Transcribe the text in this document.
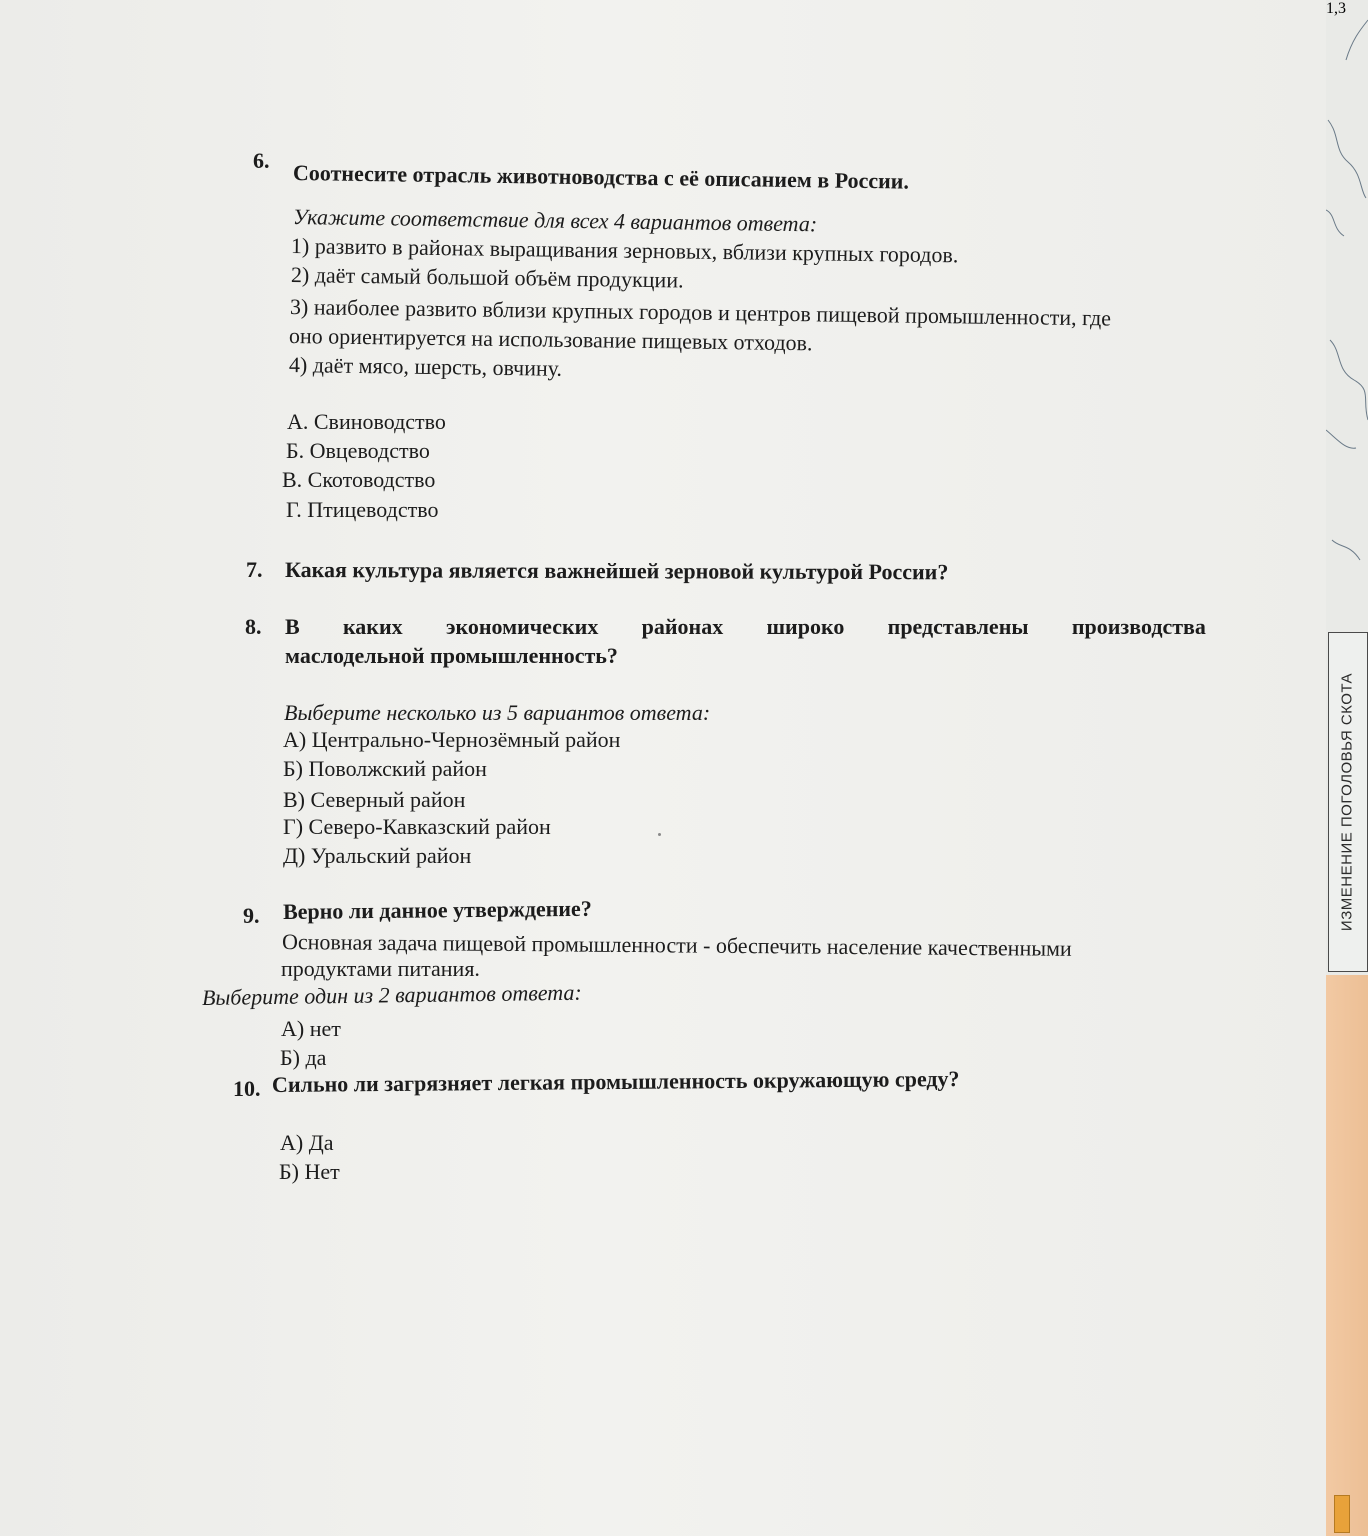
6. Соотнесите отрасль животноводства с её описанием в России.
Укажите соответствие для всех 4 вариантов ответа:
1) развито в районах выращивания зерновых, вблизи крупных городов.
2) даёт самый большой объём продукции.
3) наиболее развито вблизи крупных городов и центров пищевой промышленности, где
оно ориентируется на использование пищевых отходов.
4) даёт мясо, шерсть, овчину.
А. Свиноводство
Б. Овцеводство
В. Скотоводство
Г. Птицеводство
7. Какая культура является важнейшей зерновой культурой России?
8. В каких экономических районах широко представлены производства
маслодельной промышленность?
Выберите несколько из 5 вариантов ответа:
А) Центрально-Чернозёмный район
Б) Поволжский район
В) Северный район
Г) Северо-Кавказский район
Д) Уральский район
9. Верно ли данное утверждение?
Основная задача пищевой промышленности - обеспечить население качественными
продуктами питания.
Выберите один из 2 вариантов ответа:
А) нет
Б) да
10. Сильно ли загрязняет легкая промышленность окружающую среду?
А) Да
Б) Нет
ИЗМЕНЕНИЕ ПОГОЛОВЬЯ СКОТА
1,3
